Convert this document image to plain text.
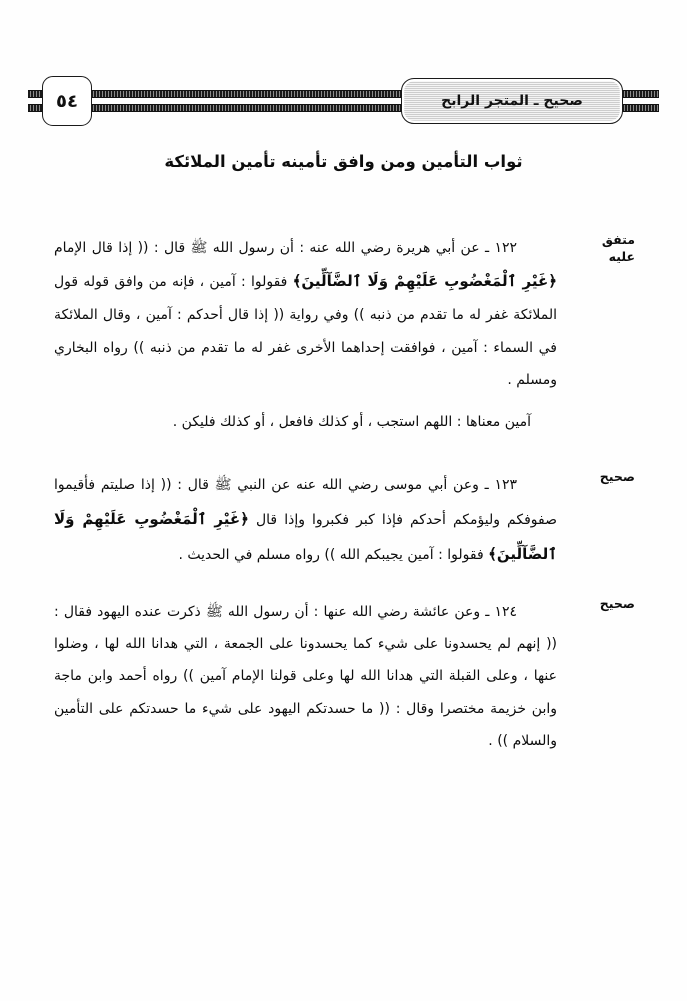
صحيح ـ المتجر الرابح
٥٤
ثواب التأمين ومن وافق تأمينه تأمين الملائكة
متفق عليه
١٢٢ ـ عن أبي هريرة رضي الله عنه : أن رسول الله ﷺ قال : (( إذا قال الإمام ﴿غَيْرِ ٱلْمَغْضُوبِ عَلَيْهِمْ وَلَا ٱلضَّآلِّينَ﴾ فقولوا : آمين ، فإنه من وافق قوله قول الملائكة غفر له ما تقدم من ذنبه )) وفي رواية (( إذا قال أحدكم : آمين ، وقال الملائكة في السماء : آمين ، فوافقت إحداهما الأخرى غفر له ما تقدم من ذنبه )) رواه البخاري ومسلم .
آمين معناها : اللهم استجب ، أو كذلك فافعل ، أو كذلك فليكن .
صحيح
١٢٣ ـ وعن أبي موسى رضي الله عنه عن النبي ﷺ قال : (( إذا صليتم فأقيموا صفوفكم وليؤمكم أحدكم فإذا كبر فكبروا وإذا قال ﴿غَيْرِ ٱلْمَغْضُوبِ عَلَيْهِمْ وَلَا ٱلضَّآلِّينَ﴾ فقولوا : آمين يجيبكم الله )) رواه مسلم في الحديث .
صحيح
١٢٤ ـ وعن عائشة رضي الله عنها : أن رسول الله ﷺ ذكرت عنده اليهود فقال : (( إنهم لم يحسدونا على شيء كما يحسدونا على الجمعة ، التي هدانا الله لها ، وضلوا عنها ، وعلى القبلة التي هدانا الله لها وعلى قولنا الإمام آمين )) رواه أحمد وابن ماجة وابن خزيمة مختصرا وقال : (( ما حسدتكم اليهود على شيء ما حسدتكم على التأمين والسلام )) .
